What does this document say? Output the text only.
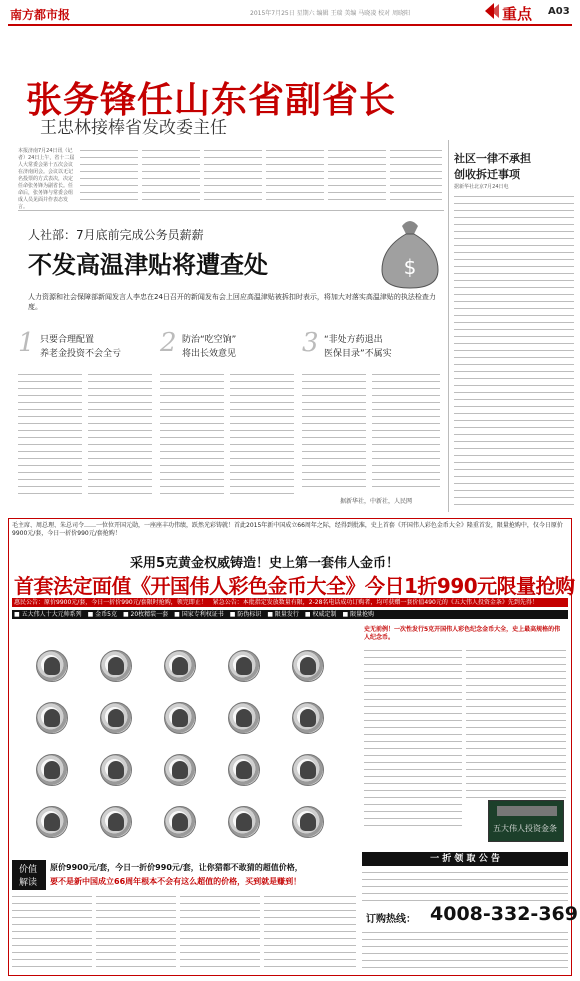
南方都市报	2015年7月25日 星期六 编辑 王瑞 美编 马晓凌 校对 周晓阳	重点 A03
张务锋任山东省副省长
王忠林接棒省发改委主任
本报济南7月24日讯（记者）24日上午，省十二届人大常委会第十五次会议在济南闭会。会议以无记名投票的方式表决，决定任命张务锋为副省长。任命后，张务锋与常委会组成人员见面并作表态发言。
社区一律不承担
创收拆迁事项
据新华社北京7月24日电
人社部：7月底前完成公务员薪薪
不发高温津贴将遭查处	$
人力资源和社会保障部新闻发言人李忠在24日召开的新闻发布会上回应高温津贴被拆扣时表示，将加大对落实高温津贴的执法检查力度。
1 只要合理配置
养老金投资不会全亏 2 防治“吃空饷”
将出长效意见	3 “非处方药退出
医保目录”不属实
据新华社，中新社，人民网
毛主席、周总理、朱总司令……一位位开国元勋，一座座丰功伟绩，跃然光彩铸就！首此2015年新中国成立66周年之际，经得到批准，史上首套《开国伟人彩色金币大全》隆重首发，限量抢购中，仅今日原价9900元/套，今日一折价990元/套抢购！
采用5克黄金权威铸造！史上第一套伟人金币！
首套法定面值《开国伟人彩色金币大全》今日1折990元限量抢购
惠民公告：原价9900元/套，今日一折价990元/套限时抢购，领完即止！　紧急公告：本批指定发放数量有限，2-28名电话成功订购者，均可获赠一套价值490元的《五大伟人投资金条》先到先得！
■ 五大伟人十大元帅系列　■ 金币5克　■ 20枚精装一套　■ 国家专利权证书　■ 防伪标识　■ 限量发行　■ 权威定制　■ 限量抢购
史无前例！一次性发行5克开国伟人彩色纪念金币大全，史上最高规格的伟人纪念币。
五大伟人投资金条
价值
解读
原价9900元/套，今日一折价990元/套，让你猎都不敢猜的超值价格，
要不是新中国成立66周年根本不会有这么超值的价格，买到就是赚到！
一 折 领 取 公 告
订购热线： 4008-332-369
